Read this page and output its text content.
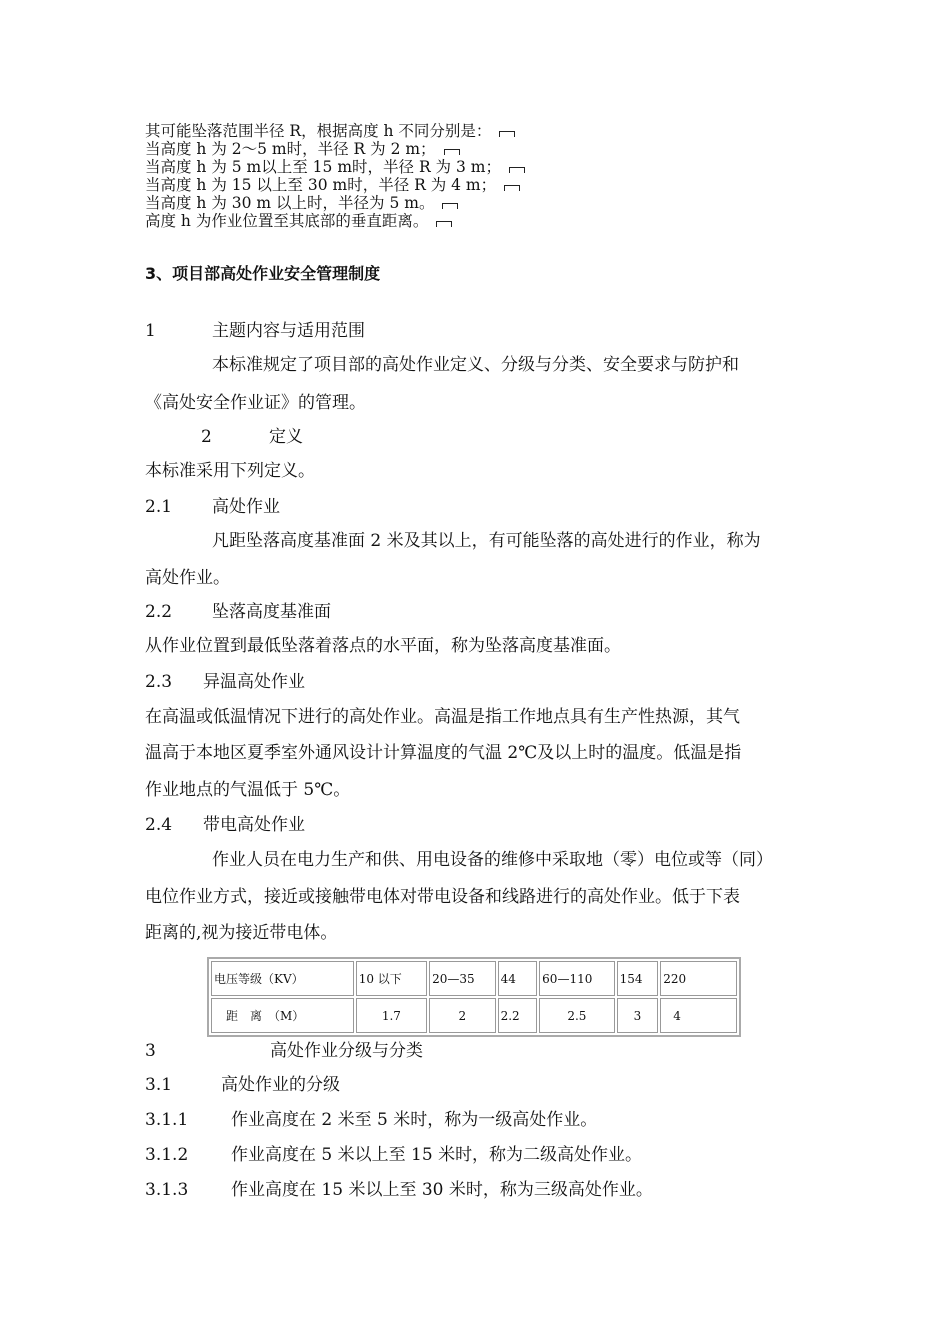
其可能坠落范围半径 R，根据高度 h 不同分别是：
当高度 h 为 2～5 m时，半径 R 为 2 m；
当高度 h 为 5 m以上至 15 m时，半径 R 为 3 m；
当高度 h 为 15 以上至 30 m时，半径 R 为 4 m；
当高度 h 为 30 m 以上时，半径为 5 m。
高度 h 为作业位置至其底部的垂直距离。
3、项目部高处作业安全管理制度
1	主题内容与适用范围
本标准规定了项目部的高处作业定义、分级与分类、安全要求与防护和
《高处安全作业证》的管理。
2	定义
本标准采用下列定义。
2.1 高处作业
凡距坠落高度基准面 2 米及其以上，有可能坠落的高处进行的作业，称为
高处作业。
2.2 坠落高度基准面
从作业位置到最低坠落着落点的水平面，称为坠落高度基准面。
2.3 异温高处作业
在高温或低温情况下进行的高处作业。高温是指工作地点具有生产性热源，其气
温高于本地区夏季室外通风设计计算温度的气温 2℃及以上时的温度。低温是指
作业地点的气温低于 5℃。
2.4 带电高处作业
作业人员在电力生产和供、用电设备的维修中采取地（零）电位或等（同）
电位作业方式，接近或接触带电体对带电设备和线路进行的高处作业。低于下表
距离的,视为接近带电体。
电压等级（KV）	10 以下	20—35	44	60—110	154	220
距　离　（M）	1.7	2	2.2	2.5	3	4
3	高处作业分级与分类
3.1	高处作业的分级
3.1.1	作业高度在 2 米至 5 米时，称为一级高处作业。
3.1.2	作业高度在 5 米以上至 15 米时，称为二级高处作业。
3.1.3	作业高度在 15 米以上至 30 米时，称为三级高处作业。
